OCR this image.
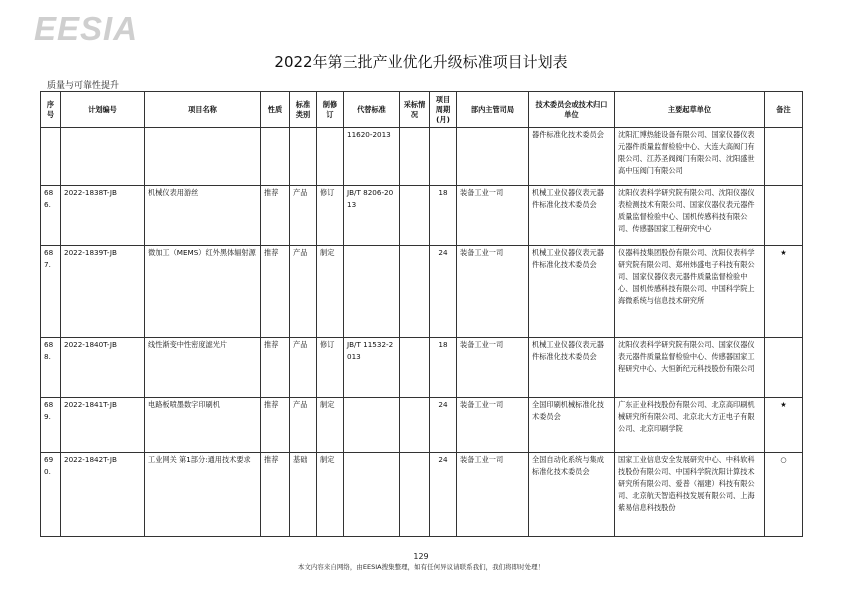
EESIA
2022年第三批产业优化升级标准项目计划表
质量与可靠性提升
序号	计划编号	项目名称	性质	标准类别	制修订	代替标准	采标情况	项目周期(月)	部内主管司局	技术委员会或技术归口单位	主要起草单位	备注
						11620-2013				器件标准化技术委员会	沈阳汇博热能设备有限公司、国家仪器仪表元器件质量监督检验中心、大连大高阀门有限公司、江苏圣阀阀门有限公司、沈阳盛世高中压阀门有限公司	
686.	2022-1838T-JB	机械仪表用游丝	推荐	产品	修订	JB/T 8206-2013		18	装备工业一司	机械工业仪器仪表元器件标准化技术委员会	沈阳仪表科学研究院有限公司、沈阳仪器仪表检测技术有限公司、国家仪器仪表元器件质量监督检验中心、国机传感科技有限公司、传感器国家工程研究中心	
687.	2022-1839T-JB	微加工（MEMS）红外黑体辐射源	推荐	产品	制定			24	装备工业一司	机械工业仪器仪表元器件标准化技术委员会	仪器科技集团股份有限公司、沈阳仪表科学研究院有限公司、郑州炜盛电子科技有限公司、国家仪器仪表元器件质量监督检验中心、国机传感科技有限公司、中国科学院上海微系统与信息技术研究所	★
688.	2022-1840T-JB	线性渐变中性密度滤光片	推荐	产品	修订	JB/T 11532-2013		18	装备工业一司	机械工业仪器仪表元器件标准化技术委员会	沈阳仪表科学研究院有限公司、国家仪器仪表元器件质量监督检验中心、传感器国家工程研究中心、大恒新纪元科技股份有限公司	
689.	2022-1841T-JB	电路板喷墨数字印刷机	推荐	产品	制定			24	装备工业一司	全国印刷机械标准化技术委员会	广东正业科技股份有限公司、北京高印刷机械研究所有限公司、北京北大方正电子有限公司、北京印刷学院	★
690.	2022-1842T-JB	工业网关 第1部分:通用技术要求	推荐	基础	制定			24	装备工业一司	全国自动化系统与集成标准化技术委员会	国家工业信息安全发展研究中心、中科软科技股份有限公司、中国科学院沈阳计算技术研究所有限公司、爱普（福建）科技有限公司、北京航天智造科技发展有限公司、上海紫易信息科技股份	○
129
本文内容来自网络，由EESIA搜集整理，如有任何异议请联系我们，我们将即时处理！
